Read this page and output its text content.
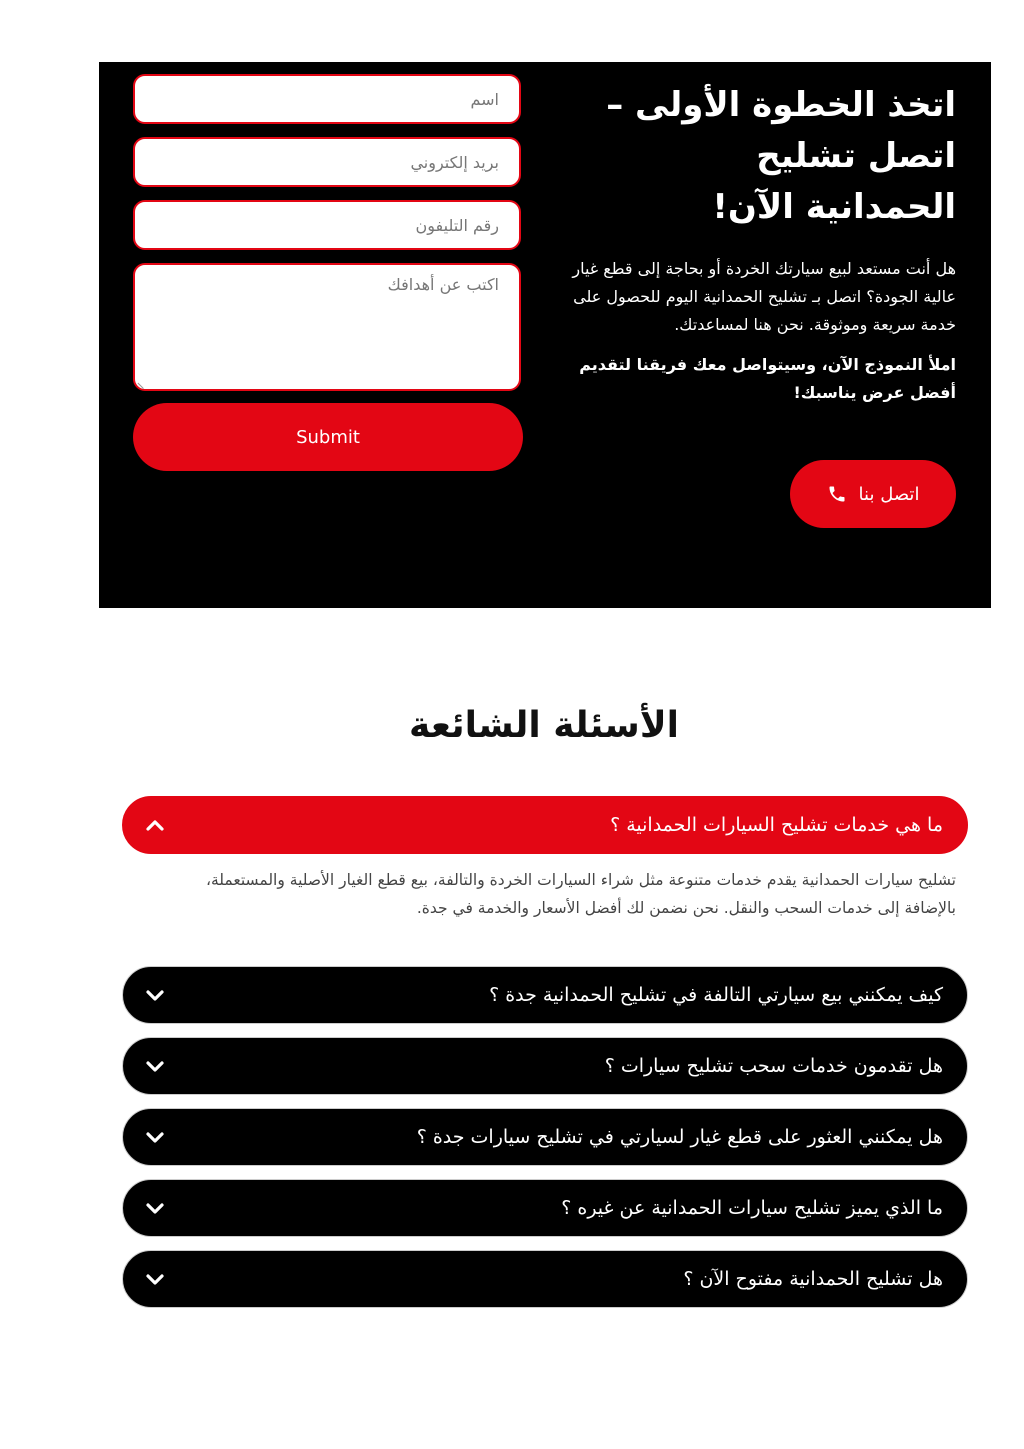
اتخذ الخطوة الأولى –
اتصل تشليح
الحمدانية الآن!

هل أنت مستعد لبيع سيارتك الخردة أو بحاجة إلى قطع غيار عالية الجودة؟ اتصل بـ تشليح الحمدانية اليوم للحصول على خدمة سريعة وموثوقة. نحن هنا لمساعدتك.

املأ النموذج الآن، وسيتواصل معك فريقنا لتقديم أفضل عرض يناسبك!

اتصل بنا
اسم
بريد إلكتروني
رقم التليفون
اكتب عن أهدافك
Submit
الأسئلة الشائعة
ما هي خدمات تشليح السيارات الحمدانية ؟
تشليح سيارات الحمدانية يقدم خدمات متنوعة مثل شراء السيارات الخردة والتالفة، بيع قطع الغيار الأصلية والمستعملة، بالإضافة إلى خدمات السحب والنقل. نحن نضمن لك أفضل الأسعار والخدمة في جدة.
كيف يمكنني بيع سيارتي التالفة في تشليح الحمدانية جدة ؟
هل تقدمون خدمات سحب تشليح سيارات ؟
هل يمكنني العثور على قطع غيار لسيارتي في تشليح سيارات جدة ؟
ما الذي يميز تشليح سيارات الحمدانية عن غيره ؟
هل تشليح الحمدانية مفتوح الآن ؟
